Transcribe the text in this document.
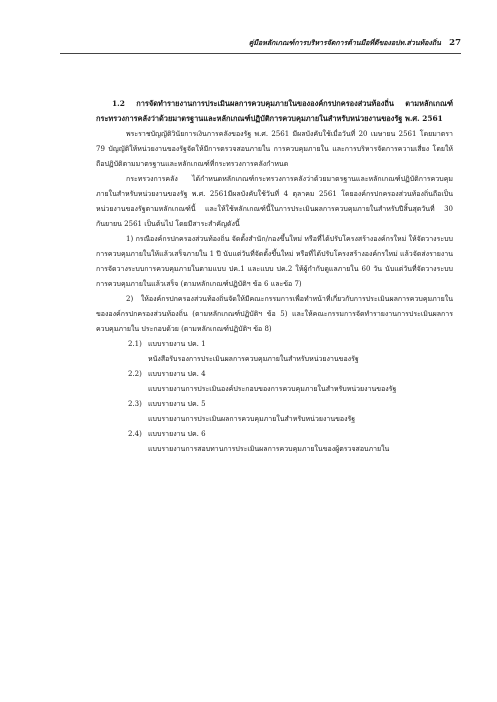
คู่มือหลักเกณฑ์การบริหารจัดการด้านมือที่ดีของอปท.ส่วนท้องถิ่น 27

1.2 การจัดทำรายงานการประเมินผลการควบคุมภายในขององค์กรปกครองส่วนท้องถิ่น ตามหลักเกณฑ์กระทรวงการคลังว่าด้วยมาตรฐานและหลักเกณฑ์ปฏิบัติการควบคุมภายในสำหรับหน่วยงานของรัฐ พ.ศ. 2561

พระราชบัญญัติวินัยการเงินการคลังของรัฐ พ.ศ. 2561 มีผลบังคับใช้เมื่อวันที่ 20 เมษายน 2561 โดยมาตรา 79 บัญญัติให้หน่วยงานของรัฐจัดให้มีการตรวจสอบภายใน การควบคุมภายใน และการบริหารจัดการความเสี่ยง โดยให้ถือปฏิบัติตามมาตรฐานและหลักเกณฑ์ที่กระทรวงการคลังกำหนด

กระทรวงการคลัง ได้กำหนดหลักเกณฑ์กระทรวงการคลังว่าด้วยมาตรฐานและหลักเกณฑ์ปฏิบัติการควบคุมภายในสำหรับหน่วยงานของรัฐ พ.ศ. 2561มีผลบังคับใช้วันที่ 4 ตุลาคม 2561 โดยองค์กรปกครองส่วนท้องถิ่นถือเป็นหน่วยงานของรัฐตามหลักเกณฑ์นี้ และให้ใช้หลักเกณฑ์นี้ในการประเมินผลการควบคุมภายในสำหรับปีสิ้นสุดวันที่ 30 กันยายน 2561 เป็นต้นไป โดยมีสาระสำคัญดังนี้

1) กรณีองค์กรปกครองส่วนท้องถิ่น จัดตั้งสำนัก/กองขึ้นใหม่ หรือที่ได้ปรับโครงสร้างองค์กรใหม่ ให้จัดวางระบบการควบคุมภายในให้แล้วเสร็จภายใน 1 ปี นับแต่วันที่จัดตั้งขึ้นใหม่ หรือที่ได้ปรับโครงสร้างองค์กรใหม่ แล้วจัดส่งรายงานการจัดวางระบบการควบคุมภายในตามแบบ ปค.1 และแบบ ปค.2 ให้ผู้กำกับดูแลภายใน 60 วัน นับแต่วันที่จัดวางระบบการควบคุมภายในแล้วเสร็จ (ตามหลักเกณฑ์ปฏิบัติฯ ข้อ 6 และข้อ 7)

2) ให้องค์กรปกครองส่วนท้องถิ่นจัดให้มีคณะกรรมการเพื่อทำหน้าที่เกี่ยวกับการประเมินผลการควบคุมภายในขององค์กรปกครองส่วนท้องถิ่น (ตามหลักเกณฑ์ปฏิบัติฯ ข้อ 5) และให้คณะกรรมการจัดทำรายงานการประเมินผลการควบคุมภายใน ประกอบด้วย (ตามหลักเกณฑ์ปฏิบัติฯ ข้อ 8)

2.1) แบบรายงาน ปค. 1
หนังสือรับรองการประเมินผลการควบคุมภายในสำหรับหน่วยงานของรัฐ
2.2) แบบรายงาน ปค. 4
แบบรายงานการประเมินองค์ประกอบของการควบคุมภายในสำหรับหน่วยงานของรัฐ
2.3) แบบรายงาน ปค. 5
แบบรายงานการประเมินผลการควบคุมภายในสำหรับหน่วยงานของรัฐ
2.4) แบบรายงาน ปค. 6
แบบรายงานการสอบทานการประเมินผลการควบคุมภายในของผู้ตรวจสอบภายใน
